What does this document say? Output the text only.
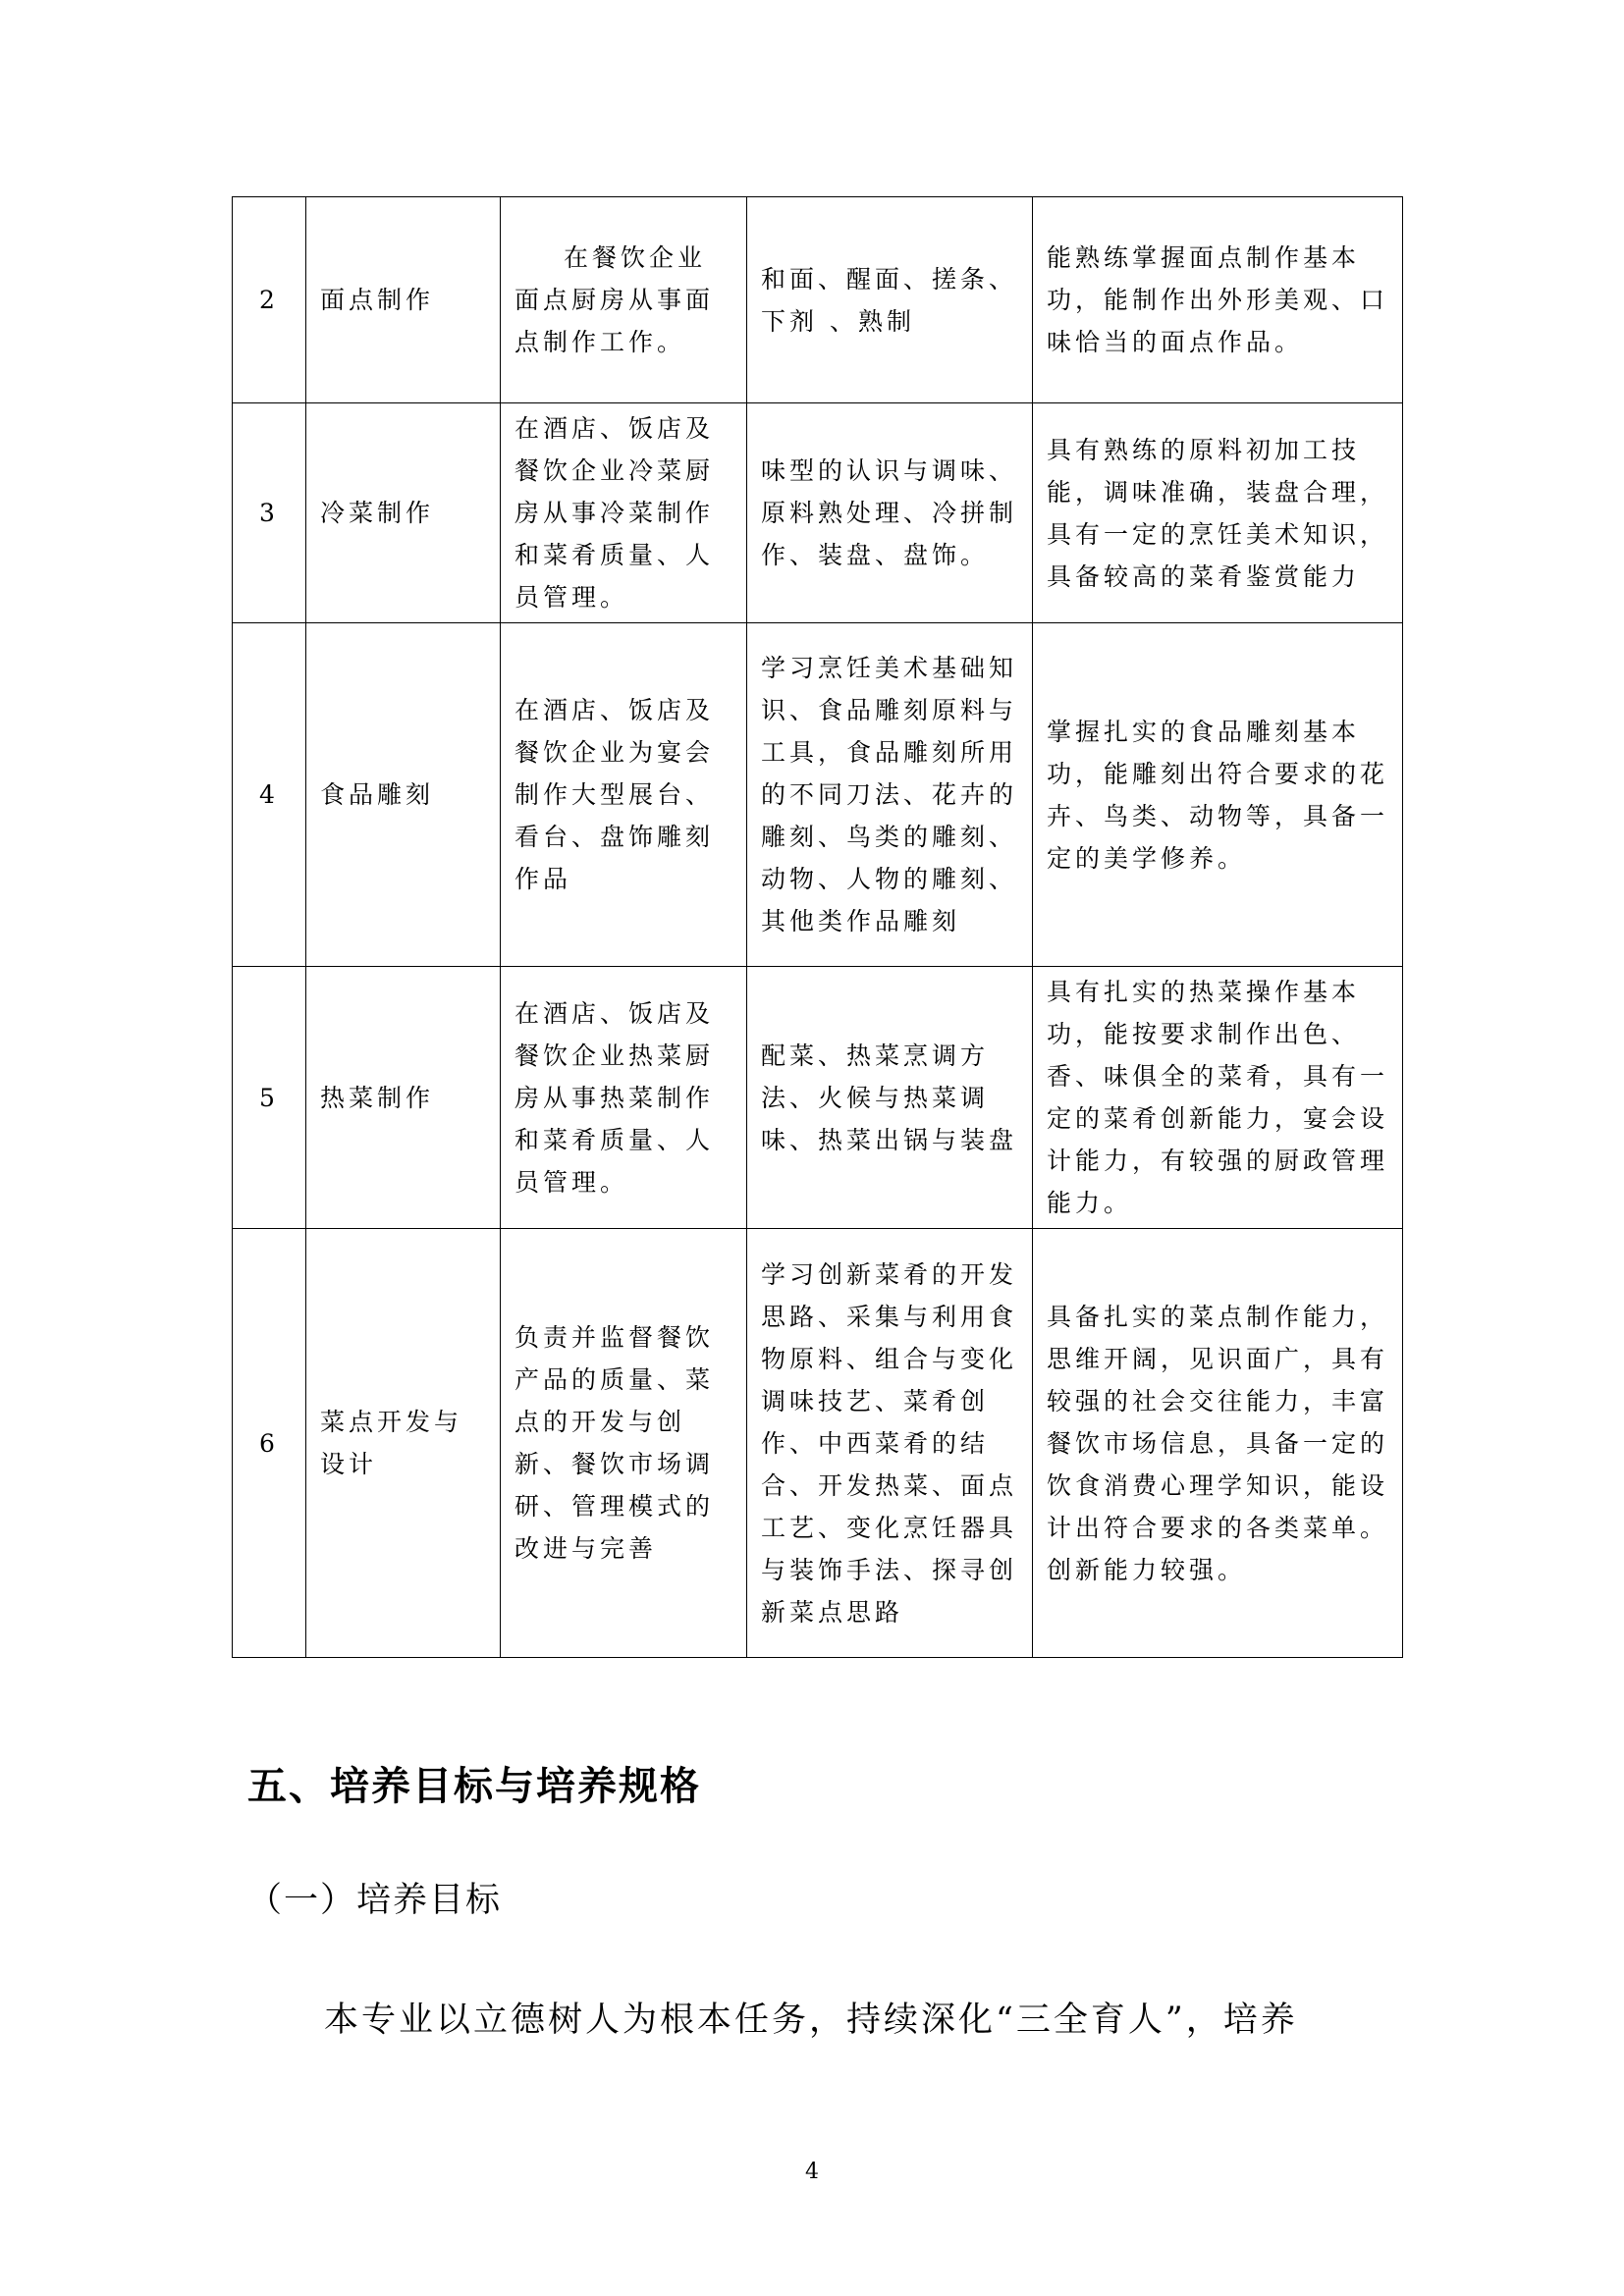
2	面点制作	在餐饮企业面点厨房从事面点制作工作。	和面、醒面、搓条、下剂 、熟制	能熟练掌握面点制作基本功，能制作出外形美观、口味恰当的面点作品。
3	冷菜制作	在酒店、饭店及餐饮企业冷菜厨房从事冷菜制作和菜肴质量、人员管理。	味型的认识与调味、原料熟处理、冷拼制作、装盘、盘饰。	具有熟练的原料初加工技能，调味准确，装盘合理，具有一定的烹饪美术知识，具备较高的菜肴鉴赏能力
4	食品雕刻	在酒店、饭店及餐饮企业为宴会制作大型展台、看台、盘饰雕刻作品	学习烹饪美术基础知识、食品雕刻原料与工具，食品雕刻所用的不同刀法、花卉的雕刻、鸟类的雕刻、动物、人物的雕刻、其他类作品雕刻	掌握扎实的食品雕刻基本功，能雕刻出符合要求的花卉、鸟类、动物等，具备一定的美学修养。
5	热菜制作	在酒店、饭店及餐饮企业热菜厨房从事热菜制作和菜肴质量、人员管理。	配菜、热菜烹调方法、火候与热菜调味、热菜出锅与装盘	具有扎实的热菜操作基本功，能按要求制作出色、香、味俱全的菜肴，具有一定的菜肴创新能力，宴会设计能力，有较强的厨政管理能力。
6	菜点开发与设计	负责并监督餐饮产品的质量、菜点的开发与创新、餐饮市场调研、管理模式的改进与完善	学习创新菜肴的开发思路、采集与利用食物原料、组合与变化调味技艺、菜肴创作、中西菜肴的结合、开发热菜、面点工艺、变化烹饪器具与装饰手法、探寻创新菜点思路	具备扎实的菜点制作能力，思维开阔，见识面广，具有较强的社会交往能力，丰富餐饮市场信息，具备一定的饮食消费心理学知识，能设计出符合要求的各类菜单。创新能力较强。
五、培养目标与培养规格
（一）培养目标
本专业以立德树人为根本任务，持续深化“三全育人”，培养
4
